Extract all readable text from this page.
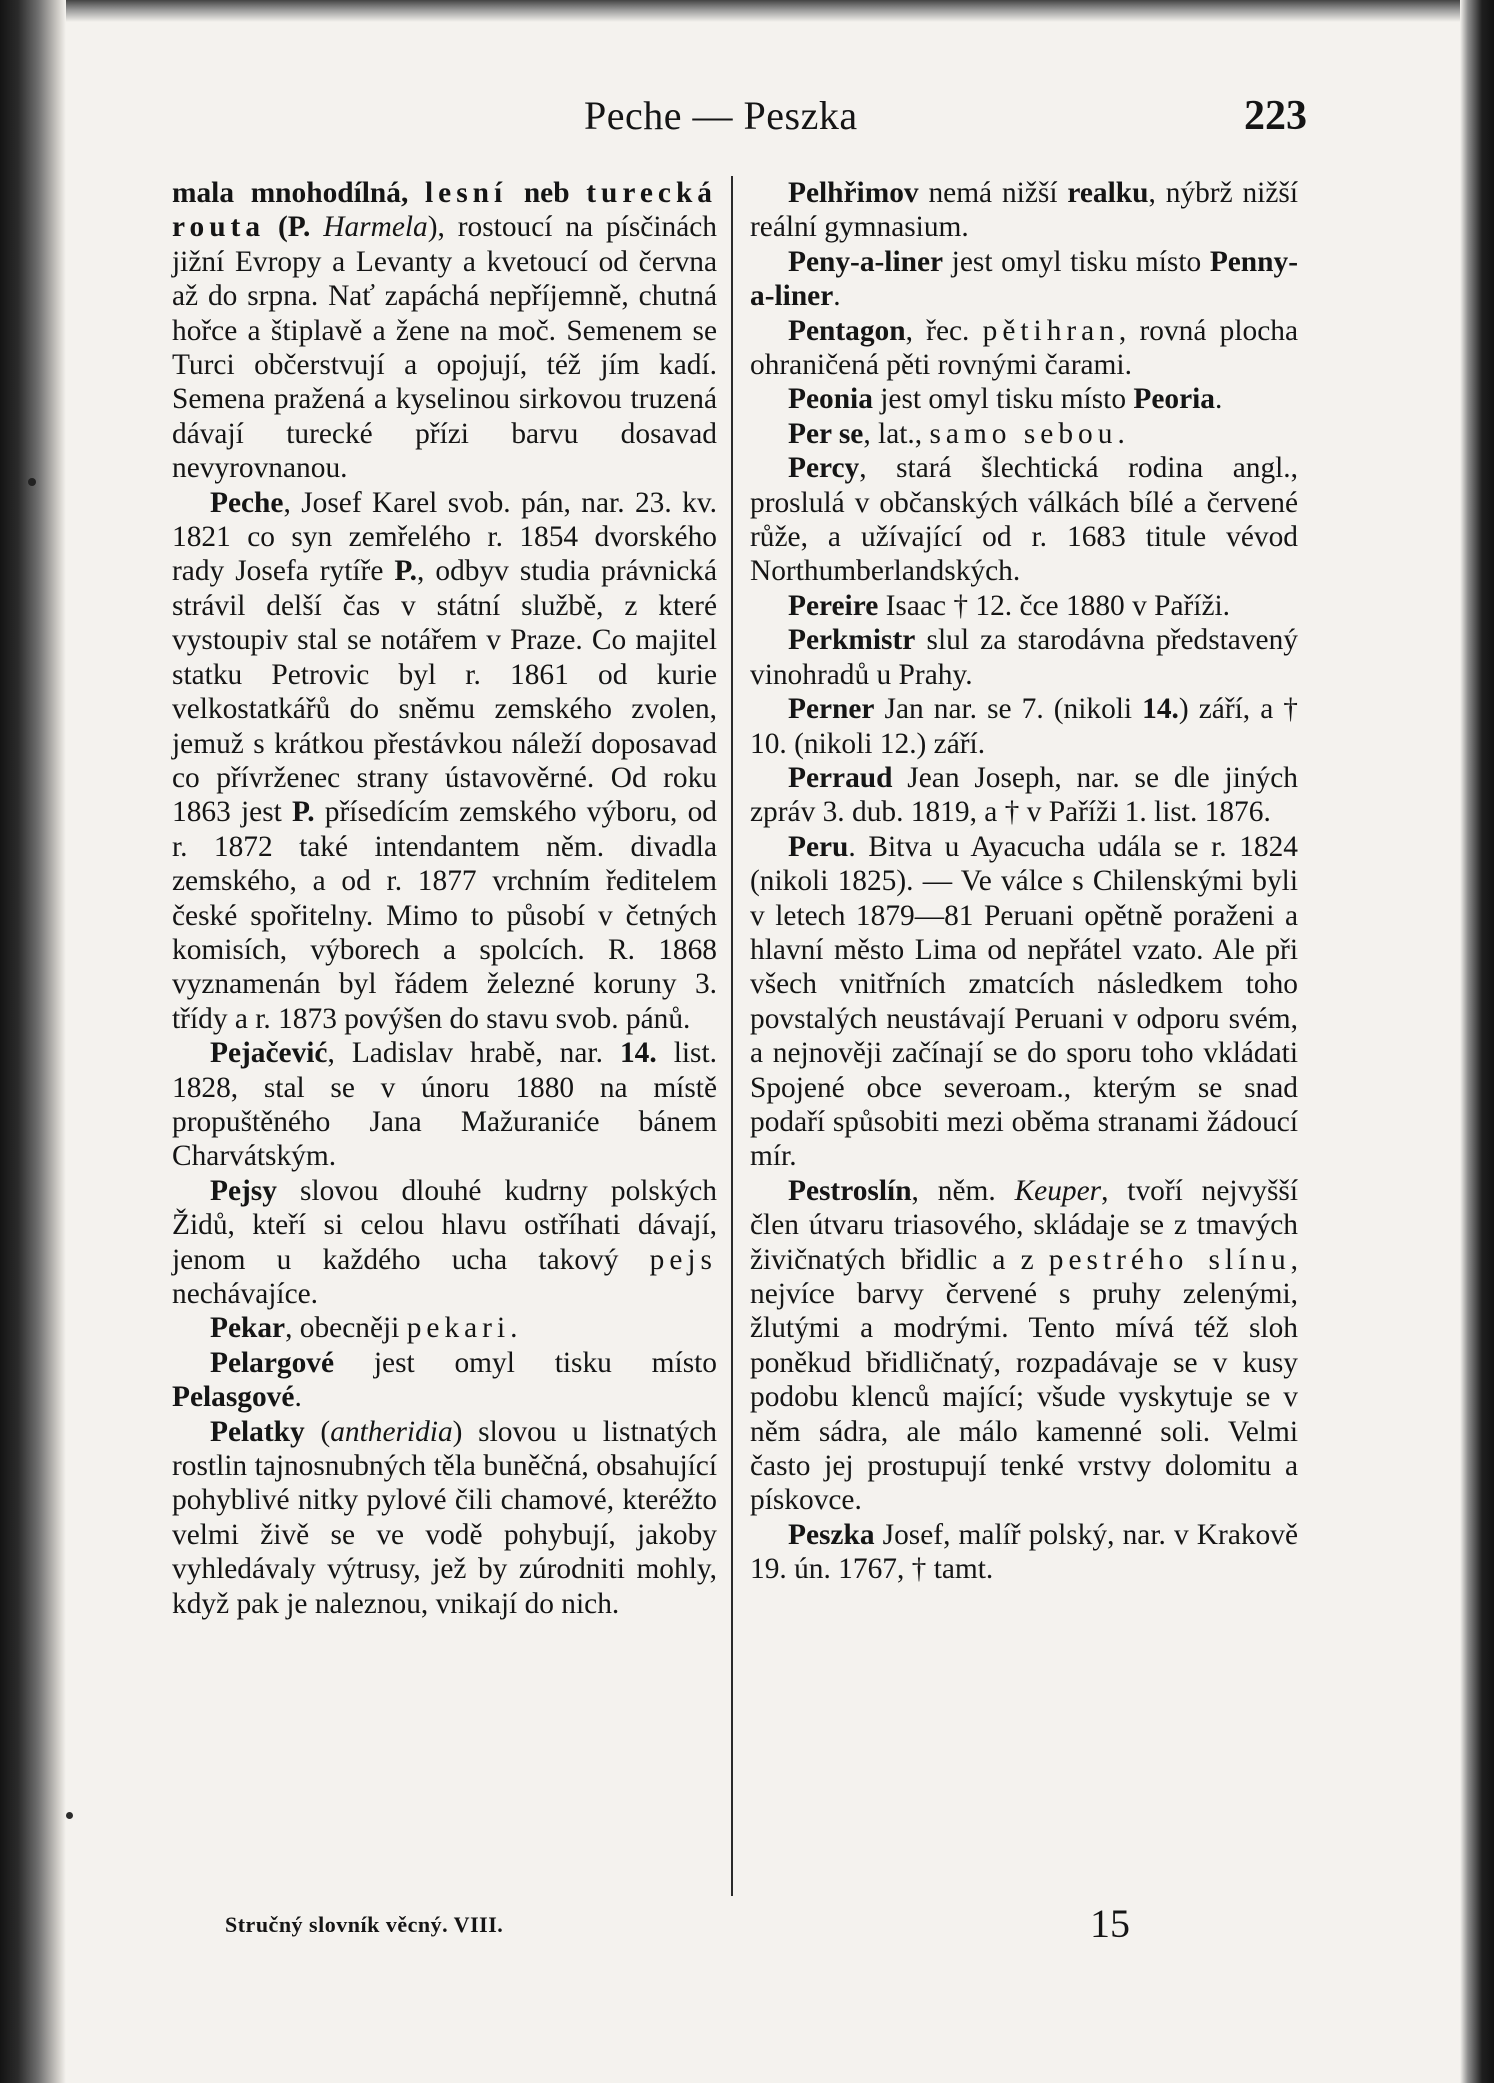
Peche — Peszka	223

mala mnohodílná, lesní neb turecká routa (P. Harmela), rostoucí na písčinách jižní Evropy a Levanty a kvetoucí od června až do srpna. Nať zapáchá nepříjemně, chutná hořce a štiplavě a žene na moč. Semenem se Turci občerstvují a opojují, též jím kadí. Semena pražená a kyselinou sirkovou truzená dávají turecké přízi barvu dosavad nevyrovnanou.

Peche, Josef Karel svob. pán, nar. 23. kv. 1821 co syn zemřelého r. 1854 dvorského rady Josefa rytíře P., odbyv studia právnická strávil delší čas v státní službě, z které vystoupiv stal se notářem v Praze. Co majitel statku Petrovic byl r. 1861 od kurie velkostatkářů do sněmu zemského zvolen, jemuž s krátkou přestávkou náleží doposavad co přívrženec strany ústavověrné. Od roku 1863 jest P. přísedícím zemského výboru, od r. 1872 také intendantem něm. divadla zemského, a od r. 1877 vrchním ředitelem české spořitelny. Mimo to působí v četných komisích, výborech a spolcích. R. 1868 vyznamenán byl řádem železné koruny 3. třídy a r. 1873 povýšen do stavu svob. pánů.

Pejačević, Ladislav hrabě, nar. 14. list. 1828, stal se v únoru 1880 na místě propuštěného Jana Mažuraniće bánem Charvátským.

Pejsy slovou dlouhé kudrny polských Židů, kteří si celou hlavu ostříhati dávají, jenom u každého ucha takový pejs nechávajíce.

Pekar, obecněji pekari.

Pelargové jest omyl tisku místo Pelasgové.

Pelatky (antheridia) slovou u listnatých rostlin tajnosnubných těla buněčná, obsahující pohyblivé nitky pylové čili chamové, kteréžto velmi živě se ve vodě pohybují, jakoby vyhledávaly výtrusy, jež by zúrodniti mohly, když pak je naleznou, vnikají do nich.

Pelhřimov nemá nižší realku, nýbrž nižší reální gymnasium.

Peny-a-liner jest omyl tisku místo Penny-a-liner.

Pentagon, řec. pětihran, rovná plocha ohraničená pěti rovnými čarami.

Peonia jest omyl tisku místo Peoria.

Per se, lat., samo sebou.

Percy, stará šlechtická rodina angl., proslulá v občanských válkách bílé a červené růže, a užívající od r. 1683 titule vévod Northumberlandských.

Pereire Isaac † 12. čce 1880 v Paříži.

Perkmistr slul za starodávna představený vinohradů u Prahy.

Perner Jan nar. se 7. (nikoli 14.) září, a † 10. (nikoli 12.) září.

Perraud Jean Joseph, nar. se dle jiných zpráv 3. dub. 1819, a † v Paříži 1. list. 1876.

Peru. Bitva u Ayacucha udála se r. 1824 (nikoli 1825). — Ve válce s Chilenskými byli v letech 1879—81 Peruani opětně poraženi a hlavní město Lima od nepřátel vzato. Ale při všech vnitřních zmatcích následkem toho povstalých neustávají Peruani v odporu svém, a nejnověji začínají se do sporu toho vkládati Spojené obce severoam., kterým se snad podaří spůsobiti mezi oběma stranami žádoucí mír.

Pestroslín, něm. Keuper, tvoří nejvyšší člen útvaru triasového, skládaje se z tmavých živičnatých břidlic a z pestrého slínu, nejvíce barvy červené s pruhy zelenými, žlutými a modrými. Tento mívá též sloh poněkud břidličnatý, rozpadávaje se v kusy podobu klenců mající; všude vyskytuje se v něm sádra, ale málo kamenné soli. Velmi často jej prostupují tenké vrstvy dolomitu a pískovce.

Peszka Josef, malíř polský, nar. v Krakově 19. ún. 1767, † tamt.

Stručný slovník věcný. VIII.	15
